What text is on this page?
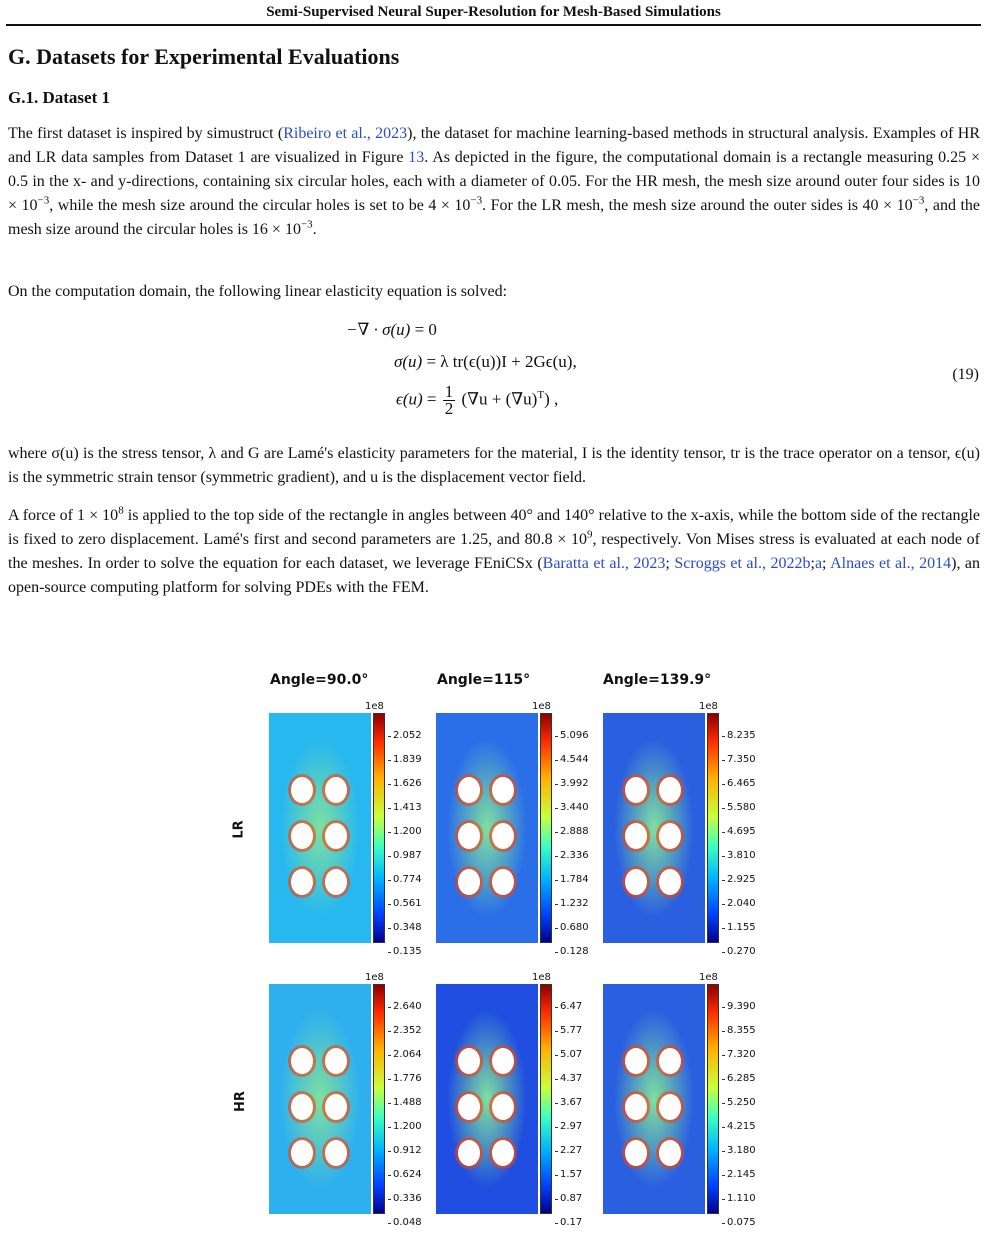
Semi-Supervised Neural Super-Resolution for Mesh-Based Simulations
G. Datasets for Experimental Evaluations
G.1. Dataset 1

The first dataset is inspired by simustruct (Ribeiro et al., 2023), the dataset for machine learning-based methods in structural analysis. Examples of HR and LR data samples from Dataset 1 are visualized in Figure 13. As depicted in the figure, the computational domain is a rectangle measuring 0.25 × 0.5 in the x- and y-directions, containing six circular holes, each with a diameter of 0.05. For the HR mesh, the mesh size around outer four sides is $10 \times 10^{-3}$, while the mesh size around the circular holes is set to be $4 \times 10^{-3}$. For the LR mesh, the mesh size around the outer sides is $40 \times 10^{-3}$, and the mesh size around the circular holes is $16 \times 10^{-3}$.

On the computation domain, the following linear elasticity equation is solved:

−∇ · σ(u) = 0
σ(u) = λ tr(ϵ(u))I + 2Gϵ(u),
$\epsilon(u) = \frac{1}{2} (\nabla u + (\nabla u)^T)$ ,
(19)

where σ(u) is the stress tensor, λ and G are Lamé's elasticity parameters for the material, I is the identity tensor, tr is the trace operator on a tensor, ϵ(u) is the symmetric strain tensor (symmetric gradient), and u is the displacement vector field.

A force of $1 \times 10^8$ is applied to the top side of the rectangle in angles between 40° and 140° relative to the x-axis, while the bottom side of the rectangle is fixed to zero displacement. Lamé's first and second parameters are 1.25, and $80.8 \times 10^9$, respectively. Von Mises stress is evaluated at each node of the meshes. In order to solve the equation for each dataset, we leverage FEniCSx (Baratta et al., 2023; Scroggs et al., 2022b;a; Alnaes et al., 2014), an open-source computing platform for solving PDEs with the FEM.

Angle=90.0°	Angle=115°	Angle=139.9°
LR
HR
1e8
2.052
1.839
1.626
1.413
1.200
0.987
0.774
0.561
0.348
0.135
1e8
5.096
4.544
3.992
3.440
2.888
2.336
1.784
1.232
0.680
0.128
1e8
8.235
7.350
6.465
5.580
4.695
3.810
2.925
2.040
1.155
0.270
1e8
2.640
2.352
2.064
1.776
1.488
1.200
0.912
0.624
0.336
0.048
1e8
6.47
5.77
5.07
4.37
3.67
2.97
2.27
1.57
0.87
0.17
1e8
9.390
8.355
7.320
6.285
5.250
4.215
3.180
2.145
1.110
0.075
